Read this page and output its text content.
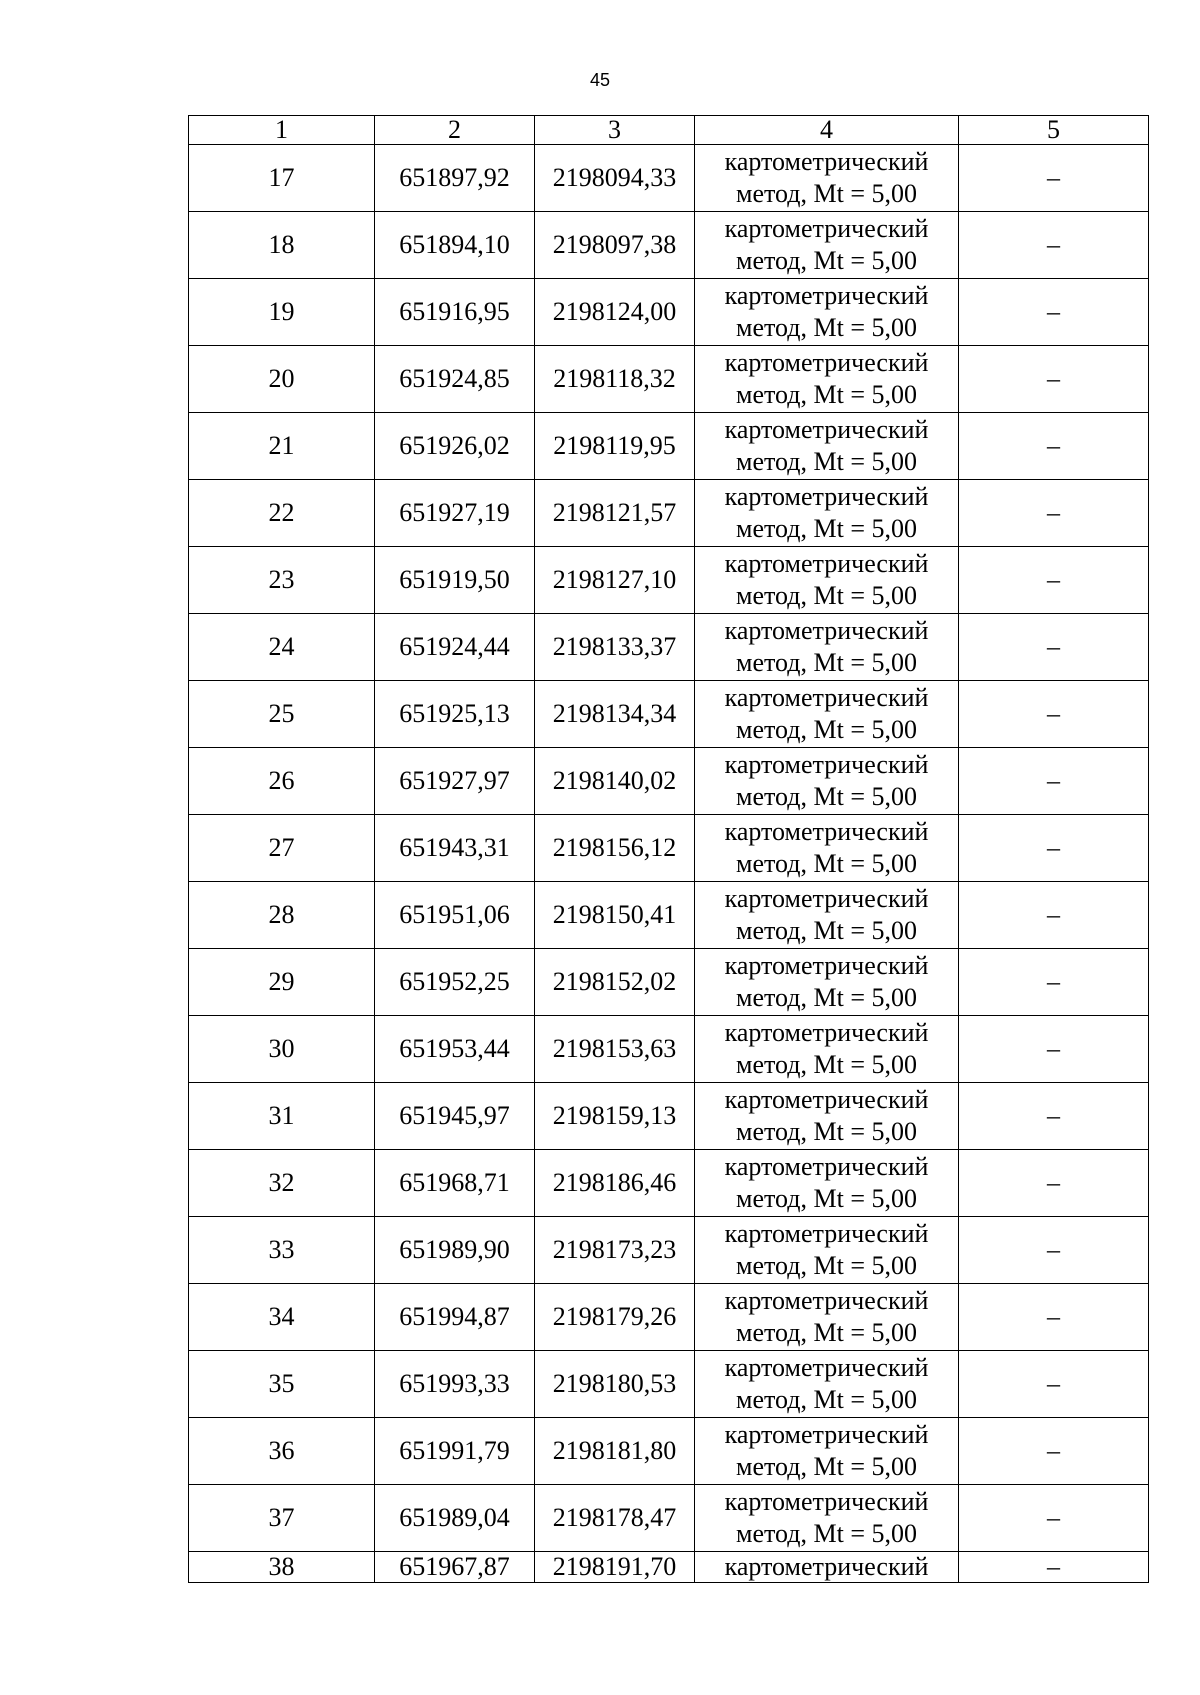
45
1	2	3	4	5
17	651897,92	2198094,33	картометрический метод, Mt = 5,00	–
18	651894,10	2198097,38	картометрический метод, Mt = 5,00	–
19	651916,95	2198124,00	картометрический метод, Mt = 5,00	–
20	651924,85	2198118,32	картометрический метод, Mt = 5,00	–
21	651926,02	2198119,95	картометрический метод, Mt = 5,00	–
22	651927,19	2198121,57	картометрический метод, Mt = 5,00	–
23	651919,50	2198127,10	картометрический метод, Mt = 5,00	–
24	651924,44	2198133,37	картометрический метод, Mt = 5,00	–
25	651925,13	2198134,34	картометрический метод, Mt = 5,00	–
26	651927,97	2198140,02	картометрический метод, Mt = 5,00	–
27	651943,31	2198156,12	картометрический метод, Mt = 5,00	–
28	651951,06	2198150,41	картометрический метод, Mt = 5,00	–
29	651952,25	2198152,02	картометрический метод, Mt = 5,00	–
30	651953,44	2198153,63	картометрический метод, Mt = 5,00	–
31	651945,97	2198159,13	картометрический метод, Mt = 5,00	–
32	651968,71	2198186,46	картометрический метод, Mt = 5,00	–
33	651989,90	2198173,23	картометрический метод, Mt = 5,00	–
34	651994,87	2198179,26	картометрический метод, Mt = 5,00	–
35	651993,33	2198180,53	картометрический метод, Mt = 5,00	–
36	651991,79	2198181,80	картометрический метод, Mt = 5,00	–
37	651989,04	2198178,47	картометрический метод, Mt = 5,00	–
38	651967,87	2198191,70	картометрический	–
